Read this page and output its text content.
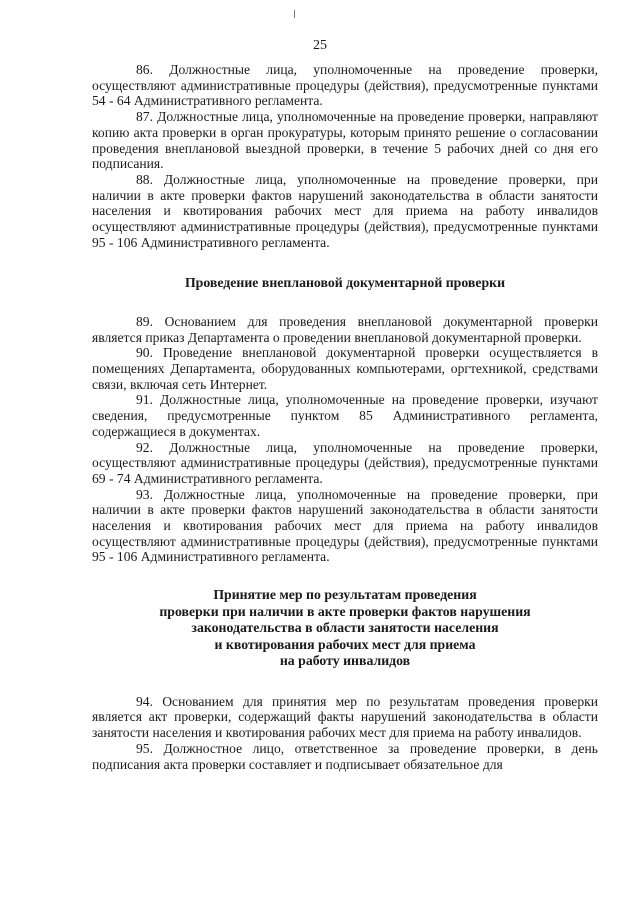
25

86. Должностные лица, уполномоченные на проведение проверки, осуществляют административные процедуры (действия), предусмотренные пунктами 54 - 64 Административного регламента.

87. Должностные лица, уполномоченные на проведение проверки, направляют копию акта проверки в орган прокуратуры, которым принято решение о согласовании проведения внеплановой выездной проверки, в течение 5 рабочих дней со дня его подписания.

88. Должностные лица, уполномоченные на проведение проверки, при наличии в акте проверки фактов нарушений законодательства в области занятости населения и квотирования рабочих мест для приема на работу инвалидов осуществляют административные процедуры (действия), предусмотренные пунктами 95 - 106 Административного регламента.

Проведение внеплановой документарной проверки

89. Основанием для проведения внеплановой документарной проверки является приказ Департамента о проведении внеплановой документарной проверки.

90. Проведение внеплановой документарной проверки осуществляется в помещениях Департамента, оборудованных компьютерами, оргтехникой, средствами связи, включая сеть Интернет.

91. Должностные лица, уполномоченные на проведение проверки, изучают сведения, предусмотренные пунктом 85 Административного регламента, содержащиеся в документах.

92. Должностные лица, уполномоченные на проведение проверки, осуществляют административные процедуры (действия), предусмотренные пунктами 69 - 74 Административного регламента.

93. Должностные лица, уполномоченные на проведение проверки, при наличии в акте проверки фактов нарушений законодательства в области занятости населения и квотирования рабочих мест для приема на работу инвалидов осуществляют административные процедуры (действия), предусмотренные пунктами 95 - 106 Административного регламента.

Принятие мер по результатам проведения
проверки при наличии в акте проверки фактов нарушения
законодательства в области занятости населения
и квотирования рабочих мест для приема
на работу инвалидов

94. Основанием для принятия мер по результатам проведения проверки является акт проверки, содержащий факты нарушений законодательства в области занятости населения и квотирования рабочих мест для приема на работу инвалидов.

95. Должностное лицо, ответственное за проведение проверки, в день подписания акта проверки составляет и подписывает обязательное для
